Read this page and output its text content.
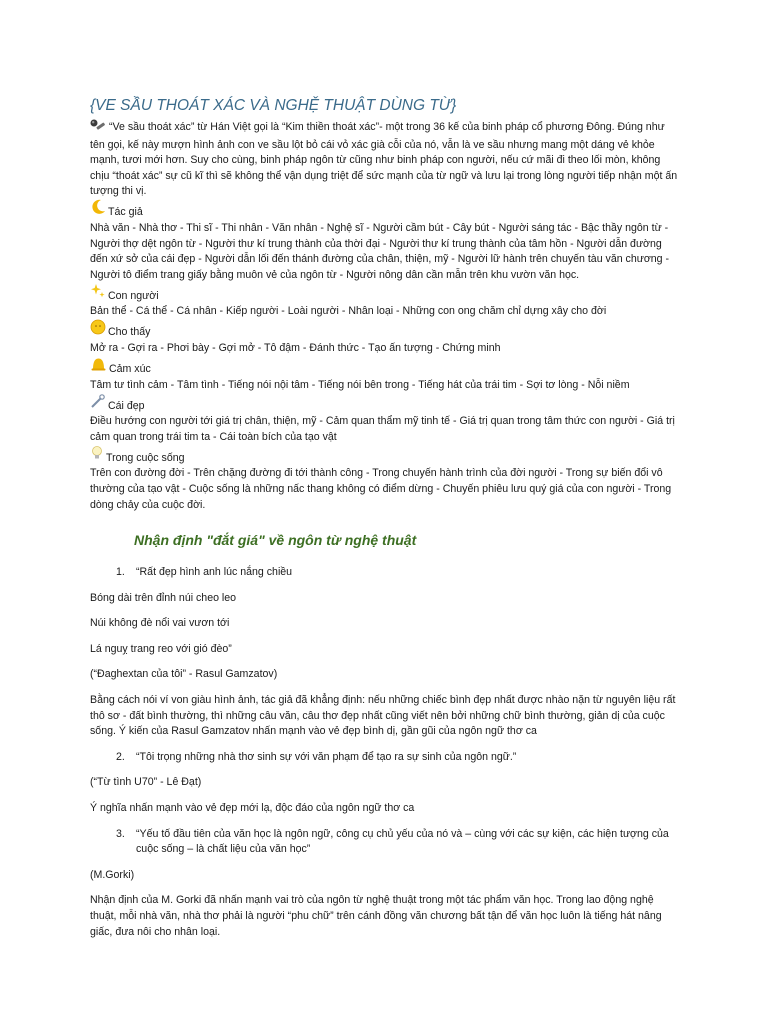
{VE SẦU THOÁT XÁC VÀ NGHỆ THUẬT DÙNG TỪ}

“Ve sầu thoát xác” từ Hán Việt gọi là “Kim thiền thoát xác”- một trong 36 kế của binh pháp cổ phương Đông. Đúng như tên gọi, kế này mượn hình ảnh con ve sầu lột bỏ cái vỏ xác già cỗi của nó, vẫn là ve sầu nhưng mang một dáng vẻ khỏe mạnh, tươi mới hơn. Suy cho cùng, binh pháp ngôn từ cũng như binh pháp con người, nếu cứ mãi đi theo lối mòn, không chịu “thoát xác” sự cũ kĩ thì sẽ không thể vận dụng triệt để sức mạnh của từ ngữ và lưu lại trong lòng người tiếp nhận một ấn tượng thi vị.

Tác giả

Nhà văn - Nhà thơ - Thi sĩ - Thi nhân - Văn nhân - Nghệ sĩ - Người cầm bút - Cây bút - Người sáng tác - Bậc thầy ngôn từ - Người thợ dệt ngôn từ - Người thư kí trung thành của thời đại - Người thư kí trung thành của tâm hồn - Người dẫn đường đến xứ sở của cái đẹp - Người dẫn lối đến thánh đường của chân, thiện, mỹ - Người lữ hành trên chuyến tàu văn chương - Người tô điểm trang giấy bằng muôn vẻ của ngôn từ - Người nông dân cần mẫn trên khu vườn văn học.

Con người

Bản thể - Cá thể - Cá nhân - Kiếp người - Loài người - Nhân loại - Những con ong chăm chỉ dựng xây cho đời

Cho thấy

Mở ra - Gợi ra - Phơi bày - Gợi mở - Tô đậm - Đánh thức - Tạo ấn tượng - Chứng minh

Cảm xúc

Tâm tư tình cảm - Tâm tình - Tiếng nói nội tâm - Tiếng nói bên trong - Tiếng hát của trái tim - Sợi tơ lòng - Nỗi niềm

Cái đẹp

Điều hướng con người tới giá trị chân, thiện, mỹ - Cảm quan thẩm mỹ tinh tế - Giá trị quan trong tâm thức con người - Giá trị cảm quan trong trái tim ta - Cái toàn bích của tạo vật

Trong cuộc sống

Trên con đường đời - Trên chặng đường đi tới thành công - Trong chuyến hành trình của đời người - Trong sự biến đổi vô thường của tạo vật - Cuộc sống là những nấc thang không có điểm dừng - Chuyến phiêu lưu quý giá của con người - Trong dòng chảy của cuộc đời.

Nhận định "đắt giá" về ngôn từ nghệ thuật
1.	“Rất đẹp hình anh lúc nắng chiều

Bóng dài trên đỉnh núi cheo leo

Núi không đè nổi vai vươn tới

Lá nguỵ trang reo với gió đèo”

(“Đaghextan của tôi” - Rasul Gamzatov)

Bằng cách nói ví von giàu hình ảnh, tác giả đã khẳng định: nếu những chiếc bình đẹp nhất được nhào nặn từ nguyên liệu rất thô sơ - đất bình thường, thì những câu văn, câu thơ đẹp nhất cũng viết nên bởi những chữ bình thường, giản dị của cuộc sống. Ý kiến của Rasul Gamzatov nhấn mạnh vào vẻ đẹp bình dị, gần gũi của ngôn ngữ thơ ca

2.	“Tôi trọng những nhà thơ sinh sự với văn phạm để tạo ra sự sinh của ngôn ngữ.”

(“Từ tình U70” - Lê Đạt)

Ý nghĩa nhấn mạnh vào vẻ đẹp mới lạ, độc đáo của ngôn ngữ thơ ca

3.	“Yếu tố đầu tiên của văn học là ngôn ngữ, công cụ chủ yếu của nó và – cùng với các sự kiện, các hiện tượng của cuộc sống – là chất liệu của văn học”

(M.Gorki)

Nhận định của M. Gorki đã nhấn mạnh vai trò của ngôn từ nghệ thuật trong một tác phẩm văn học. Trong lao động nghệ thuật, mỗi nhà văn, nhà thơ phải là người “phu chữ” trên cánh đồng văn chương bất tận để văn học luôn là tiếng hát nâng giấc, đưa nôi cho nhân loại.
